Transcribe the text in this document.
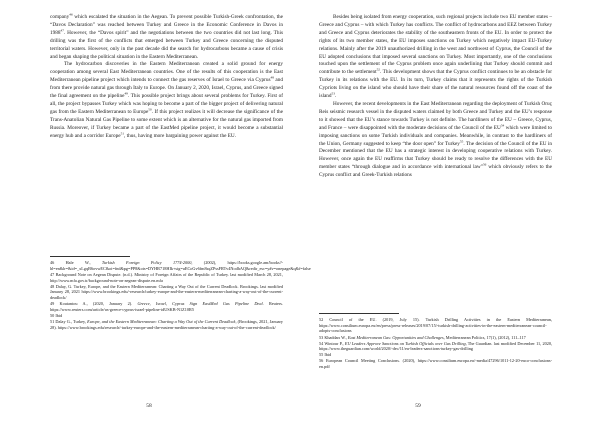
company$^{46}$ which escalated the situation in the Aegean. To prevent possible Turkish-Greek confrontation, the “Davos Declaration” was reached between Turkey and Greece in the Economic Conference in Davos in 1988$^{47}$. However, the “Davos spirit” and the negotiations between the two countries did not last long. This drilling was the first of the conflicts that emerged between Turkey and Greece concerning the disputed territorial waters. However, only in the past decade did the search for hydrocarbons became a cause of crisis and began shaping the political situation in the Eastern Mediterranean.

The hydrocarbon discoveries in the Eastern Mediterranean created a solid ground for energy cooperation among several East Mediterranean countries. One of the results of this cooperation is the East Mediterranean pipeline project which intends to connect the gas reserves of Israel to Greece via Cyprus$^{48}$ and from there provide natural gas through Italy to Europe. On January 2, 2020, Israel, Cyprus, and Greece signed the final agreement on the pipeline$^{49}$. This possible project brings about several problems for Turkey. First of all, the project bypasses Turkey which was hoping to become a part of the bigger project of delivering natural gas from the Eastern Mediterranean to Europe$^{50}$. If this project realizes it will decrease the significance of the Trans-Anatolian Natural Gas Pipeline to some extent which is an alternative for the natural gas imported from Russia. Moreover, if Turkey became a part of the EastMed pipeline project, it would become a substantial energy hub and a corridor Europe$^{51}$, thus, having more bargaining power against the EU.

46 Hale W., Turkish Foreign Policy 1774-2000, (2002), https://books.google.am/books?-hl=en&lr=&id=_xLgqB6ovwEC&oi=fnd&pg=PP8&ots=DYHR718HIk+sig=uECoGv6fm8sqZPssFRTv4NodhAQ&redir_esc=y#v=onepage&q&f=false
47 Background Note on Aegean Dispute. (n.d.). Ministry of Foreign Affairs of the Republic of Turkey. last modified March 28, 2021, http://www.mfa.gov.tr/background-note-on-aegean-dispute.en.mfa
48 Dalay, G. Turkey, Europe, and the Eastern Mediterranean: Charting a Way Out of the Current Deadlock. Brookings. last modified January 28, 2021 https://www.brookings.edu/-research/turkey-europe-and-the-eastern-mediterranean-charting-a-way-out-of-the-current-deadlock/
49 Koutantou A., (2020, January 2). Greece, Israel, Cyprus Sign EastMed Gas Pipeline Deal. Reuters. https://www.reuters.com/article/us-greece-cyprus-israel-pipeline-idUSKB-N1Z10R5
50 Ibid
51 Dalay G., Turkey, Europe, and the Eastern Mediterranean: Charting a Way Out of the Current Deadlock, (Brookings, 2021, January 28). https://www.brookings.edu/research/-turkey-europe-and-the-eastern-mediterranean-charting-a-way-out-of-the-current-deadlock/
58

Besides being isolated from energy cooperation, such regional projects include two EU member states – Greece and Cyprus – with which Turkey has conflicts. The conflict of hydrocarbons and EEZ between Turkey and Greece and Cyprus deteriorates the stability of the southeastern fronts of the EU. In order to protect the rights of its two member states, the EU imposes sanctions on Turkey which negatively impact EU-Turkey relations. Mainly after the 2019 unauthorized drilling in the west and northwest of Cyprus, the Council of the EU adopted conclusions that imposed several sanctions on Turkey. Most importantly, one of the conclusions touched upon the settlement of the Cyprus problem once again underlining that Turkey should commit and contribute to the settlement$^{52}$. This development shows that the Cyprus conflict continues to be an obstacle for Turkey in its relations with the EU. In its turn, Turkey claims that it represents the rights of the Turkish Cypriots living on the island who should have their share of the natural resources found off the coast of the island$^{53}$.

However, the recent developments in the East Mediterranean regarding the deployment of Turkish Oruç Reis seismic research vessel in the disputed waters claimed by both Greece and Turkey and the EU’s response to it showed that the EU’s stance towards Turkey is not definite. The hardliners of the EU – Greece, Cyprus, and France – were disappointed with the moderate decisions of the Council of the EU$^{54}$ which were limited to imposing sanctions on some Turkish individuals and companies. Meanwhile, in contrast to the hardliners of the Union, Germany suggested to keep “the door open” for Turkey$^{55}$. The decision of the Council of the EU in December mentioned that the EU has a strategic interest in developing cooperative relations with Turkey. However, once again the EU reaffirms that Turkey should be ready to resolve the differences with the EU member states “through dialogue and in accordance with international law”$^{56}$ which obviously refers to the Cyprus conflict and Greek-Turkish relations

52 Council of the EU. (2019, July 15). Turkish Drilling Activities in the Eastern Mediterranean, https://www.consilium.europa.eu/en/press/press-releases/2019/07/15/-turkish-drilling-activities-in-the-eastern-mediterranean-council-adopts-conclusions
53 Khaddarı W., East Mediterranean Gas: Opportunities and Challenges, Mediterranean Politics, 17(1), (2012), 111–117
54 Wintour P., EU Leaders Approve Sanctions on Turkish Officials over Gas Drilling, The Guardian. last modified December 11, 2020, https://www.theguardian.com/world/2020/-dec/11/eu-leaders-sanctions-turkey-gas-drilling
55 Ibid
56 European Council Meeting Conclusions. (2020), https://www.consilium.europa.eu/-media/47296/1011-12-20-euco-conclusions-en.pdf
59
